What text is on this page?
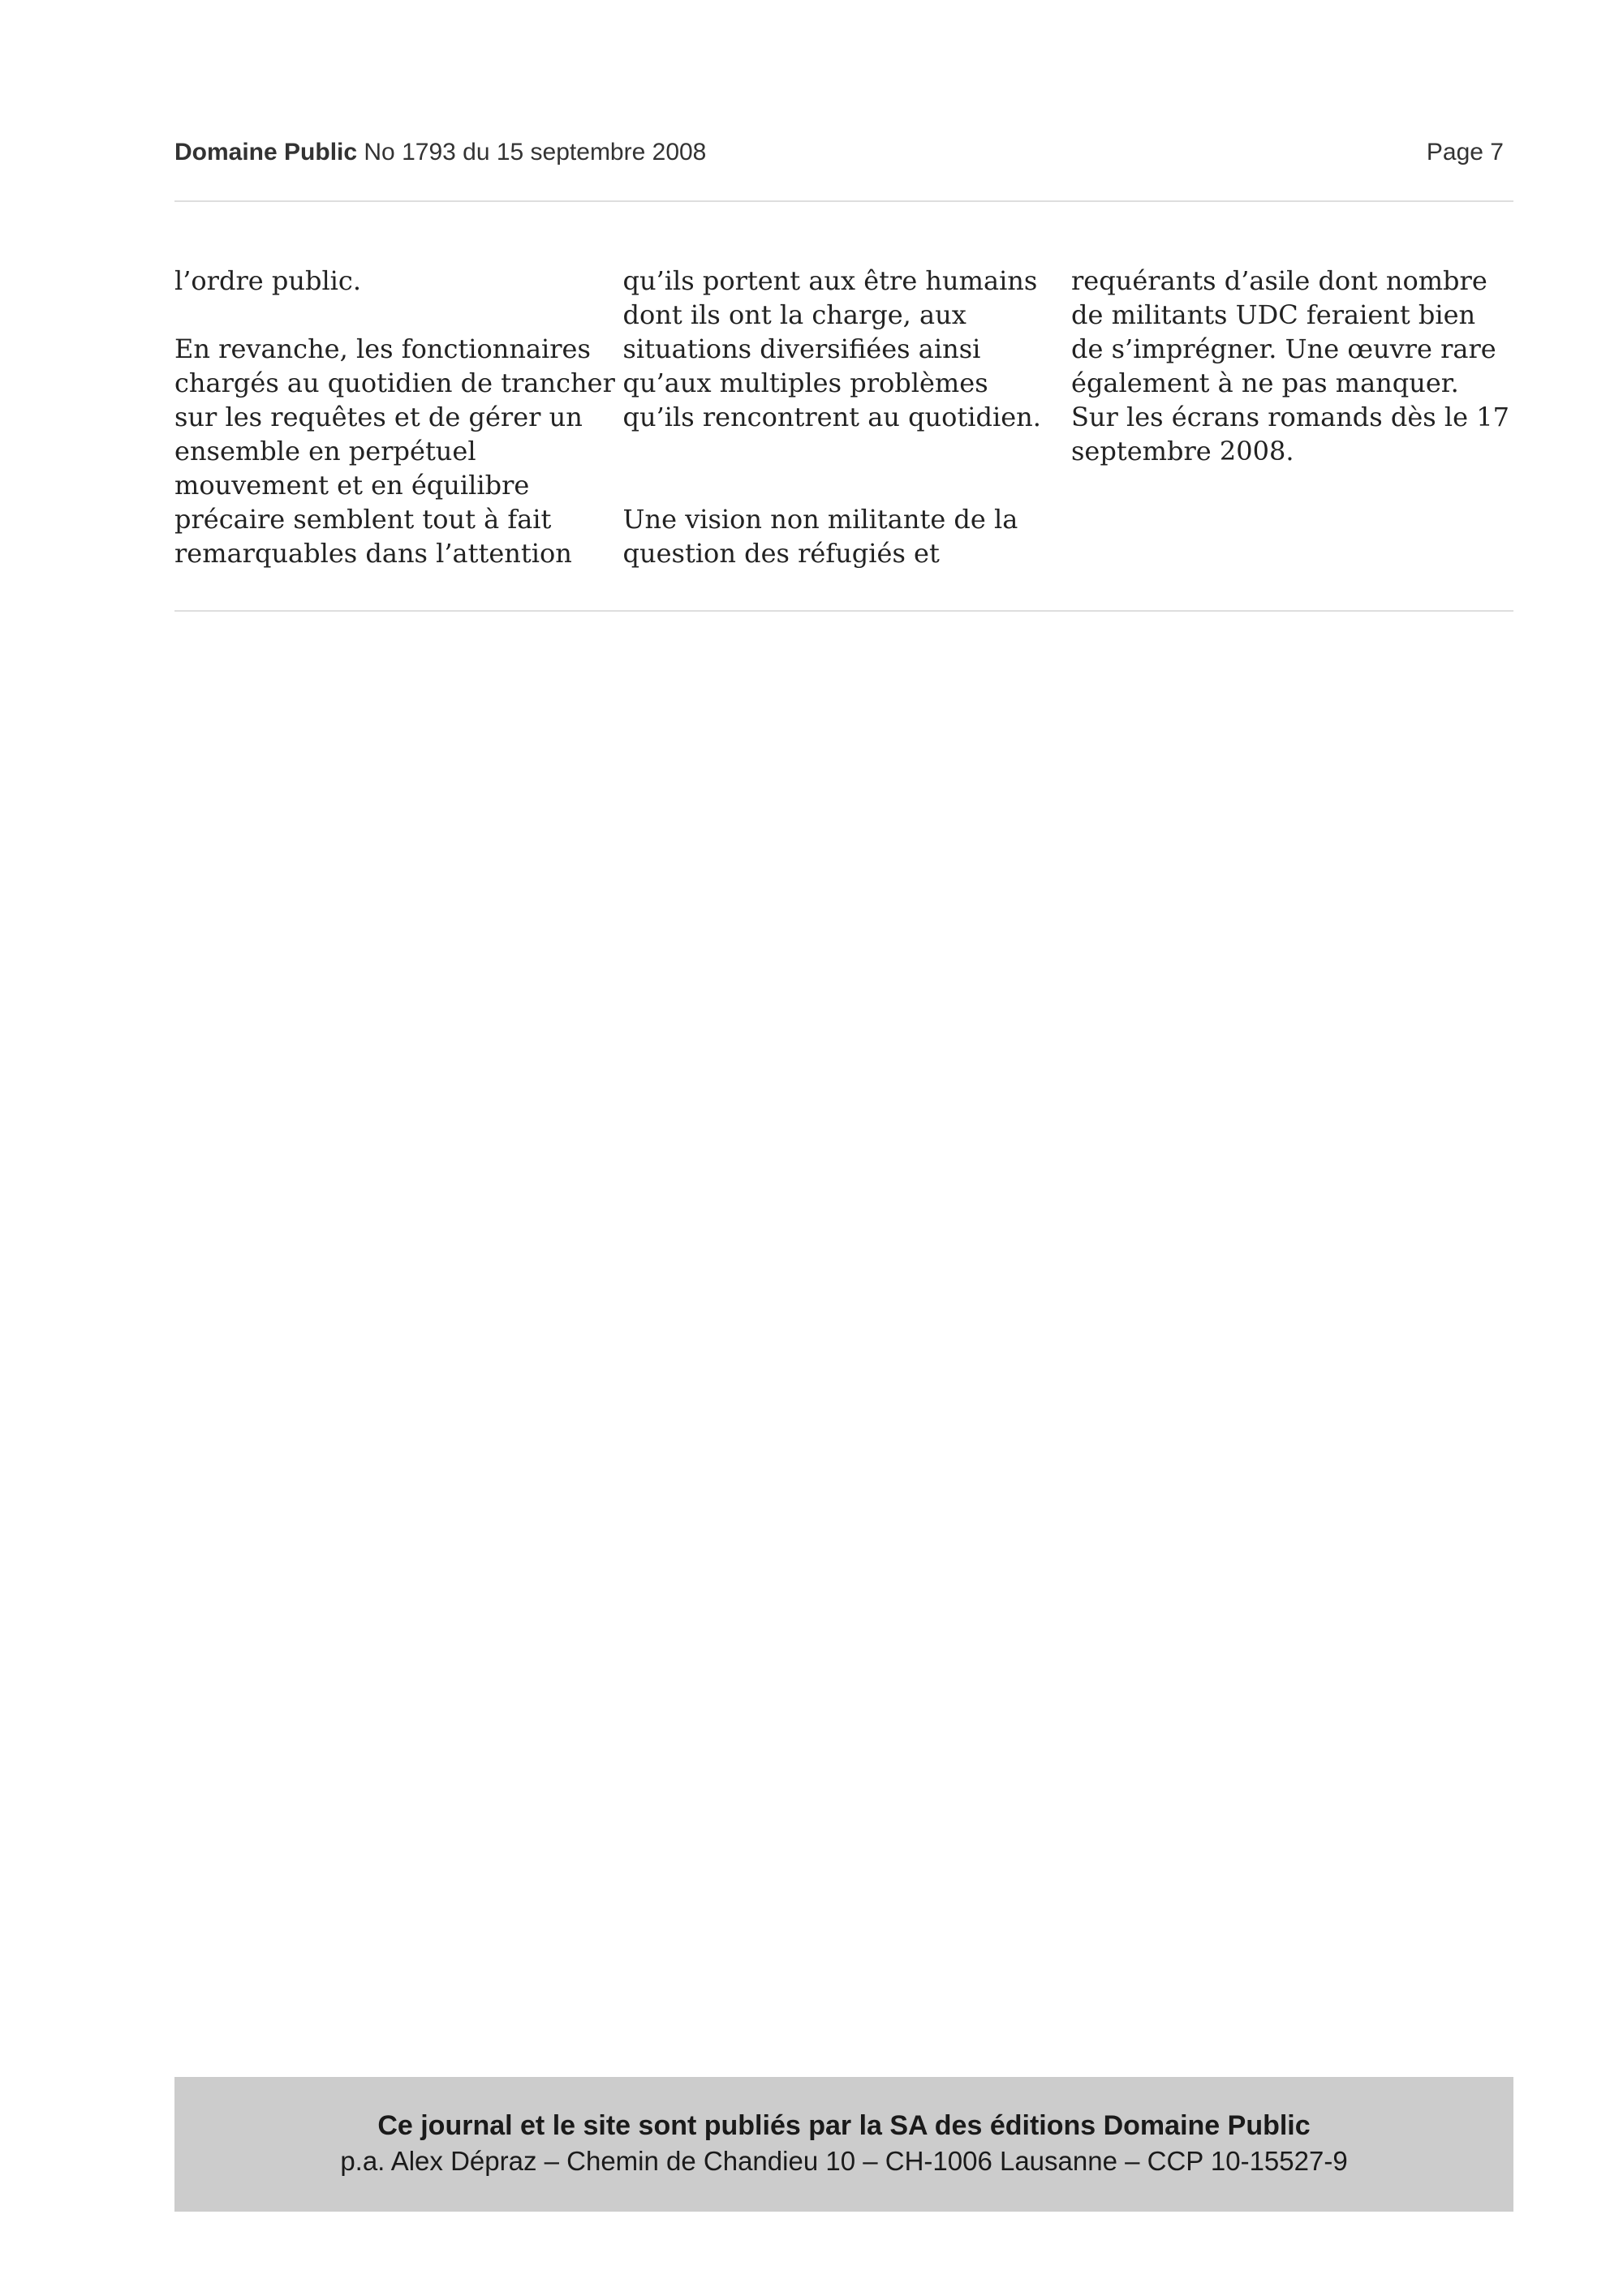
Domaine Public No 1793 du 15 septembre 2008	Page 7

l’ordre public.

En revanche, les fonctionnaires chargés au quotidien de trancher sur les requêtes et de gérer un ensemble en perpétuel mouvement et en équilibre précaire semblent tout à fait remarquables dans l’attention

qu’ils portent aux être humains dont ils ont la charge, aux situations diversifiées ainsi qu’aux multiples problèmes qu’ils rencontrent au quotidien.

Une vision non militante de la question des réfugiés et

requérants d’asile dont nombre de militants UDC feraient bien de s’imprégner. Une œuvre rare également à ne pas manquer. Sur les écrans romands dès le 17 septembre 2008.

Ce journal et le site sont publiés par la SA des éditions Domaine Public
p.a. Alex Dépraz – Chemin de Chandieu 10 – CH-1006 Lausanne – CCP 10-15527-9
